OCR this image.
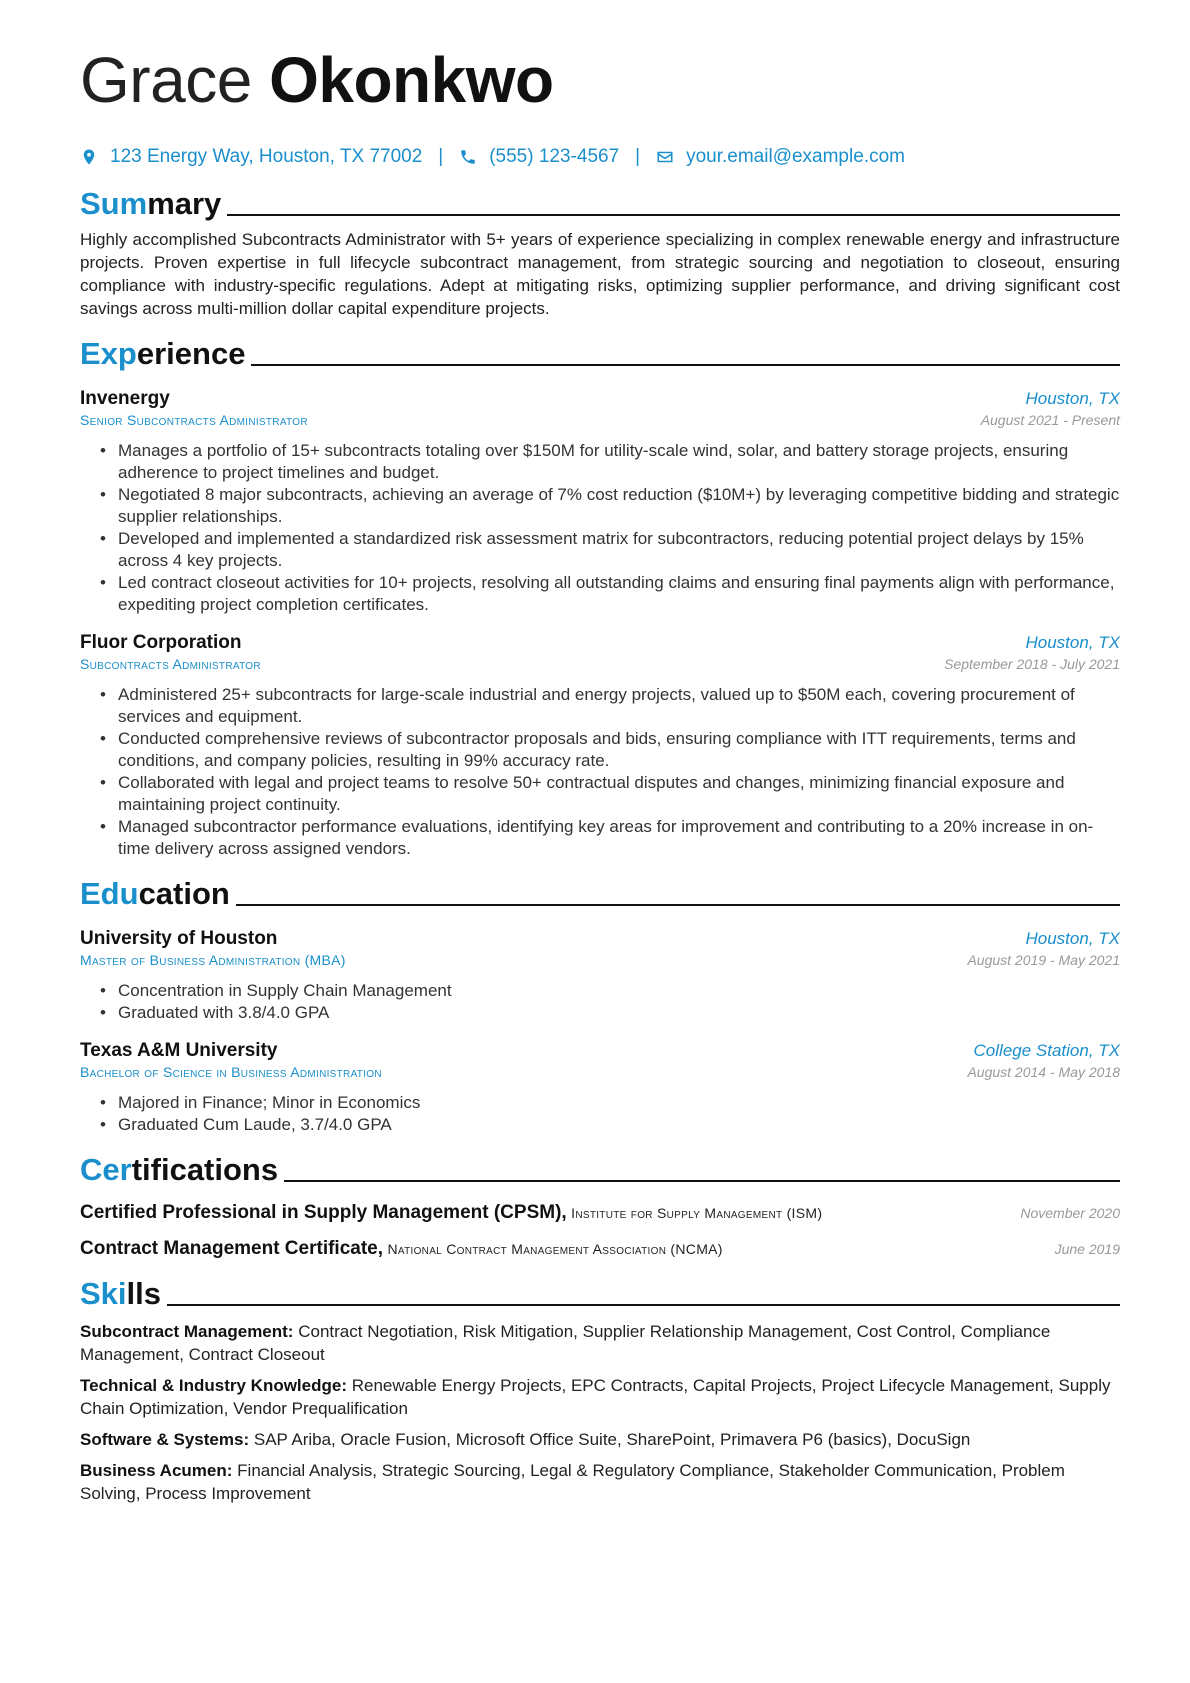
Grace Okonkwo
123 Energy Way, Houston, TX 77002 | (555) 123-4567 | your.email@example.com
Summary

Highly accomplished Subcontracts Administrator with 5+ years of experience specializing in complex renewable energy and infrastructure projects. Proven expertise in full lifecycle subcontract management, from strategic sourcing and negotiation to closeout, ensuring compliance with industry-specific regulations. Adept at mitigating risks, optimizing supplier performance, and driving significant cost savings across multi-million dollar capital expenditure projects.

Experience
Invenergy	Houston, TX
Senior Subcontracts Administrator	August 2021 - Present
• Manages a portfolio of 15+ subcontracts totaling over $150M for utility-scale wind, solar, and battery storage projects, ensuring adherence to project timelines and budget.
• Negotiated 8 major subcontracts, achieving an average of 7% cost reduction ($10M+) by leveraging competitive bidding and strategic supplier relationships.
• Developed and implemented a standardized risk assessment matrix for subcontractors, reducing potential project delays by 15% across 4 key projects.
• Led contract closeout activities for 10+ projects, resolving all outstanding claims and ensuring final payments align with performance, expediting project completion certificates.
Fluor Corporation	Houston, TX
Subcontracts Administrator	September 2018 - July 2021
• Administered 25+ subcontracts for large-scale industrial and energy projects, valued up to $50M each, covering procurement of services and equipment.
• Conducted comprehensive reviews of subcontractor proposals and bids, ensuring compliance with ITT requirements, terms and conditions, and company policies, resulting in 99% accuracy rate.
• Collaborated with legal and project teams to resolve 50+ contractual disputes and changes, minimizing financial exposure and maintaining project continuity.
• Managed subcontractor performance evaluations, identifying key areas for improvement and contributing to a 20% increase in on-time delivery across assigned vendors.
Education
University of Houston	Houston, TX
Master of Business Administration (MBA)	August 2019 - May 2021
• Concentration in Supply Chain Management
• Graduated with 3.8/4.0 GPA
Texas A&M University	College Station, TX
Bachelor of Science in Business Administration	August 2014 - May 2018
• Majored in Finance; Minor in Economics
• Graduated Cum Laude, 3.7/4.0 GPA
Certifications
Certified Professional in Supply Management (CPSM), Institute for Supply Management (ISM)	November 2020
Contract Management Certificate, National Contract Management Association (NCMA)	June 2019
Skills

Subcontract Management: Contract Negotiation, Risk Mitigation, Supplier Relationship Management, Cost Control, Compliance Management, Contract Closeout

Technical & Industry Knowledge: Renewable Energy Projects, EPC Contracts, Capital Projects, Project Lifecycle Management, Supply Chain Optimization, Vendor Prequalification

Software & Systems: SAP Ariba, Oracle Fusion, Microsoft Office Suite, SharePoint, Primavera P6 (basics), DocuSign

Business Acumen: Financial Analysis, Strategic Sourcing, Legal & Regulatory Compliance, Stakeholder Communication, Problem Solving, Process Improvement
